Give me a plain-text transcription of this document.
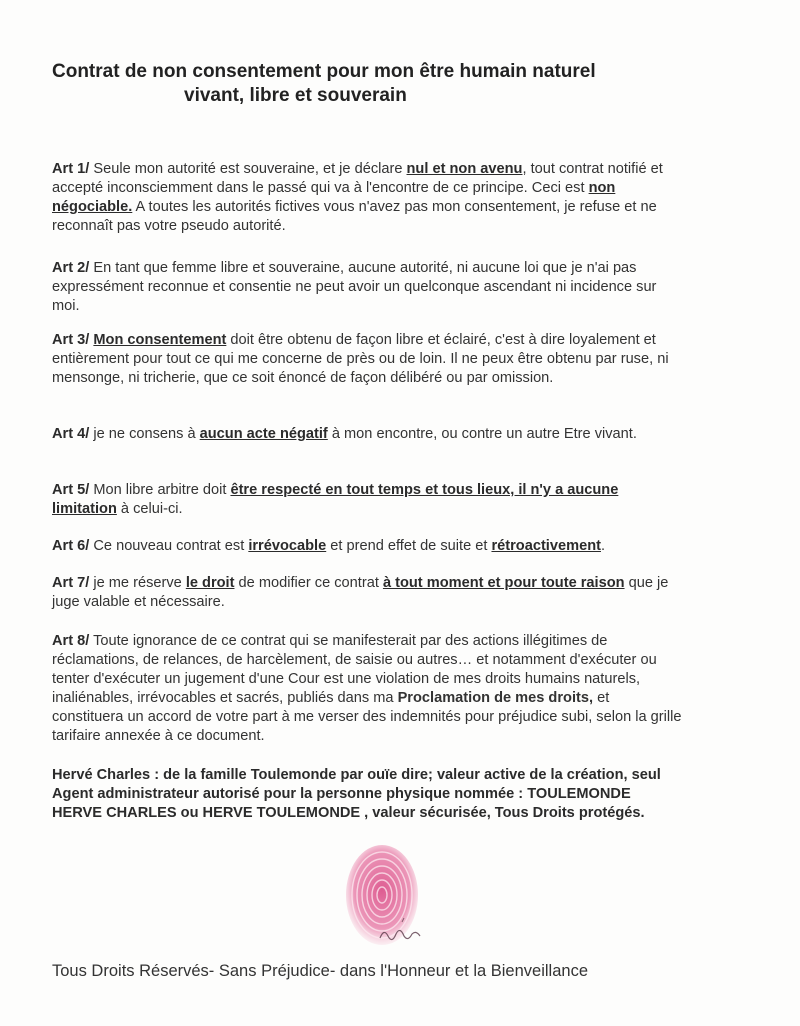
Contrat de non consentement pour mon être humain naturel
vivant, libre et souverain
Art 1/ Seule mon autorité est souveraine, et je déclare nul et non avenu, tout contrat notifié et accepté inconsciemment dans le passé qui va à l'encontre de ce principe. Ceci est non négociable. A toutes les autorités fictives vous n'avez pas mon consentement, je refuse et ne reconnaît pas votre pseudo autorité.
Art 2/ En tant que femme libre et souveraine, aucune autorité, ni aucune loi que je n'ai pas expressément reconnue et consentie ne peut avoir un quelconque ascendant ni incidence sur moi.
Art 3/ Mon consentement doit être obtenu de façon libre et éclairé, c'est à dire loyalement et entièrement pour tout ce qui me concerne de près ou de loin. Il ne peux être obtenu par ruse, ni mensonge, ni tricherie, que ce soit énoncé de façon délibéré ou par omission.
Art 4/ je ne consens à aucun acte négatif à mon encontre, ou contre un autre Etre vivant.
Art 5/ Mon libre arbitre doit être respecté en tout temps et tous lieux, il n'y a aucune limitation à celui-ci.
Art 6/ Ce nouveau contrat est irrévocable et prend effet de suite et rétroactivement.
Art 7/ je me réserve le droit de modifier ce contrat à tout moment et pour toute raison que je juge valable et nécessaire.
Art 8/ Toute ignorance de ce contrat qui se manifesterait par des actions illégitimes de réclamations, de relances, de harcèlement, de saisie ou autres… et notamment d'exécuter ou tenter d'exécuter un jugement d'une Cour est une violation de mes droits humains naturels, inaliénables, irrévocables et sacrés, publiés dans ma Proclamation de mes droits, et constituera un accord de votre part à me verser des indemnités pour préjudice subi, selon la grille tarifaire annexée à ce document.
Hervé Charles : de la famille Toulemonde par ouïe dire; valeur active de la création, seul Agent administrateur autorisé pour la personne physique nommée : TOULEMONDE HERVE CHARLES ou HERVE TOULEMONDE , valeur sécurisée, Tous Droits protégés.
Tous Droits Réservés- Sans Préjudice- dans l'Honneur et la Bienveillance
